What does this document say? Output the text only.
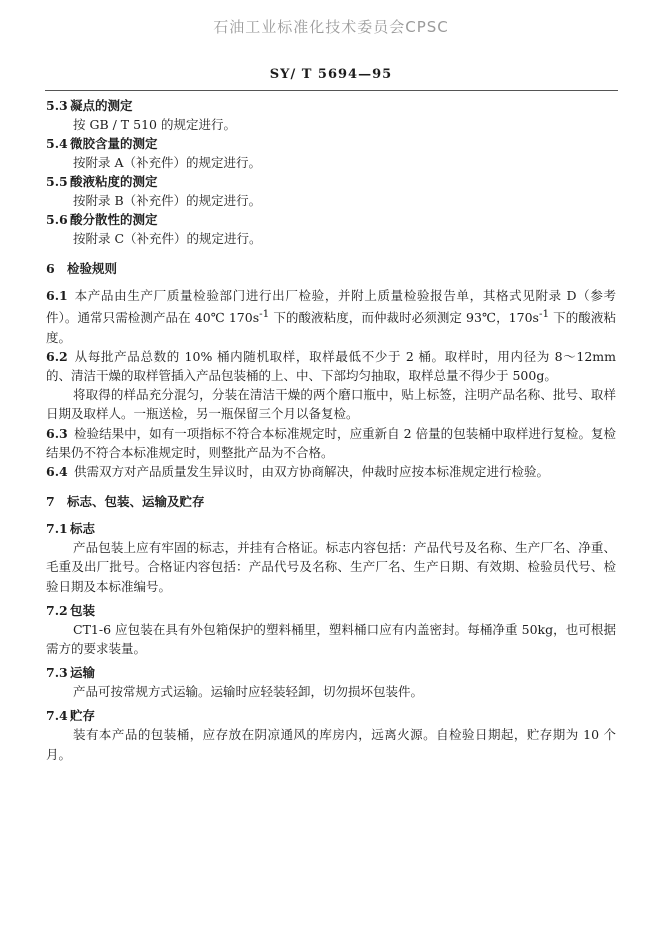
石油工业标准化技术委员会CPSC
SY/ T 5694—95
5.3 凝点的测定
按 GB / T 510 的规定进行。
5.4 微胶含量的测定
按附录 A（补充件）的规定进行。
5.5 酸液粘度的测定
按附录 B（补充件）的规定进行。
5.6 酸分散性的测定
按附录 C（补充件）的规定进行。
6 检验规则
6.1 本产品由生产厂质量检验部门进行出厂检验，并附上质量检验报告单，其格式见附录 D（参考件）。通常只需检测产品在 40℃ $170s^{-1}$ 下的酸液粘度，而仲裁时必须测定 93℃，$170s^{-1}$ 下的酸液粘度。
6.2 从每批产品总数的 10% 桶内随机取样，取样最低不少于 2 桶。取样时，用内径为 8～12mm 的、清洁干燥的取样管插入产品包装桶的上、中、下部均匀抽取，取样总量不得少于 500g。
将取得的样品充分混匀，分装在清洁干燥的两个磨口瓶中，贴上标签，注明产品名称、批号、取样日期及取样人。一瓶送检，另一瓶保留三个月以备复检。
6.3 检验结果中，如有一项指标不符合本标准规定时，应重新自 2 倍量的包装桶中取样进行复检。复检结果仍不符合本标准规定时，则整批产品为不合格。
6.4 供需双方对产品质量发生异议时，由双方协商解决，仲裁时应按本标准规定进行检验。
7 标志、包装、运输及贮存
7.1 标志
产品包装上应有牢固的标志，并挂有合格证。标志内容包括：产品代号及名称、生产厂名、净重、毛重及出厂批号。合格证内容包括：产品代号及名称、生产厂名、生产日期、有效期、检验员代号、检验日期及本标准编号。
7.2 包装
CT1-6 应包装在具有外包箱保护的塑料桶里，塑料桶口应有内盖密封。每桶净重 50kg，也可根据需方的要求装量。
7.3 运输
产品可按常规方式运输。运输时应轻装轻卸，切勿损坏包装件。
7.4 贮存
装有本产品的包装桶，应存放在阴凉通风的库房内，远离火源。自检验日期起，贮存期为 10 个月。
